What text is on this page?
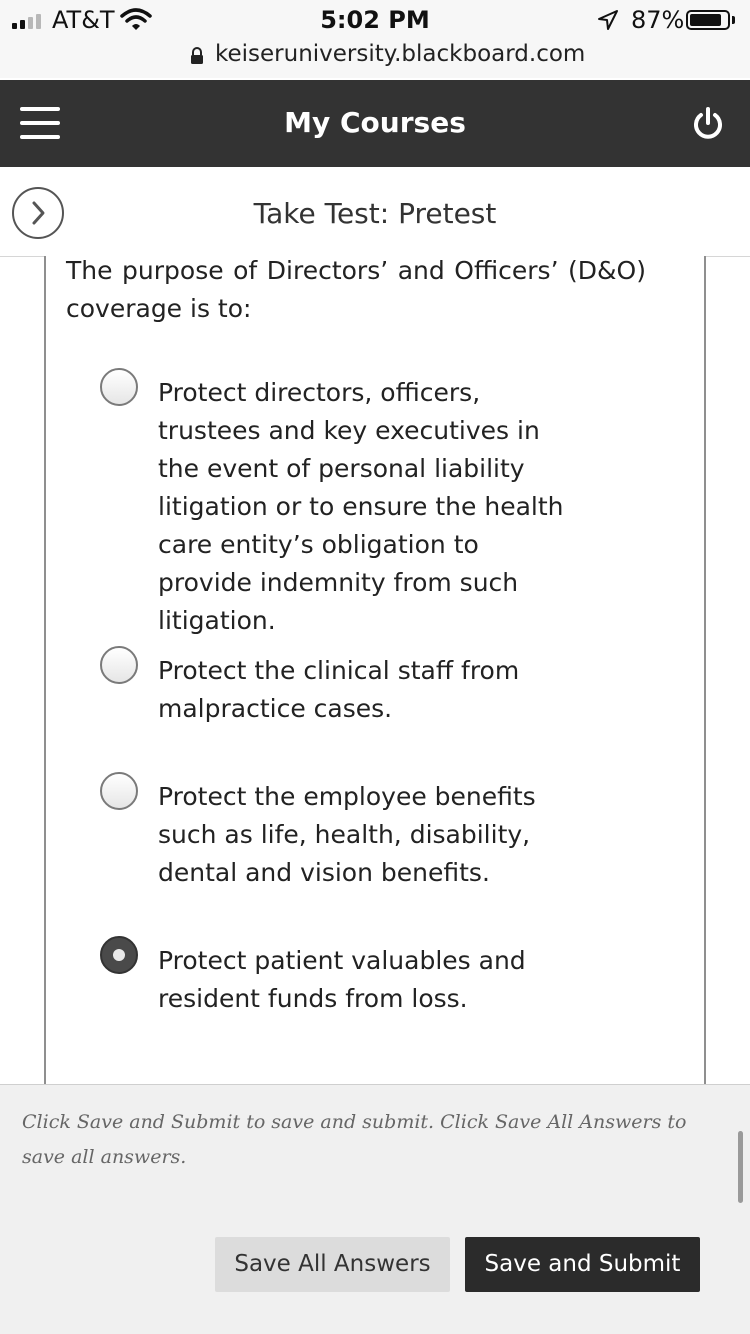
AT&T	5:02 PM	87%
keiseruniversity.blackboard.com
My Courses
Take Test: Pretest
The purpose of Directors’ and Officers’ (D&O) coverage is to:
Protect directors, officers, trustees and key executives in the event of personal liability litigation or to ensure the health care entity’s obligation to provide indemnity from such litigation.
Protect the clinical staff from malpractice cases.
Protect the employee benefits such as life, health, disability, dental and vision benefits.
Protect patient valuables and resident funds from loss.
Click Save and Submit to save and submit. Click Save All Answers to save all answers.
Save All Answers	Save and Submit
